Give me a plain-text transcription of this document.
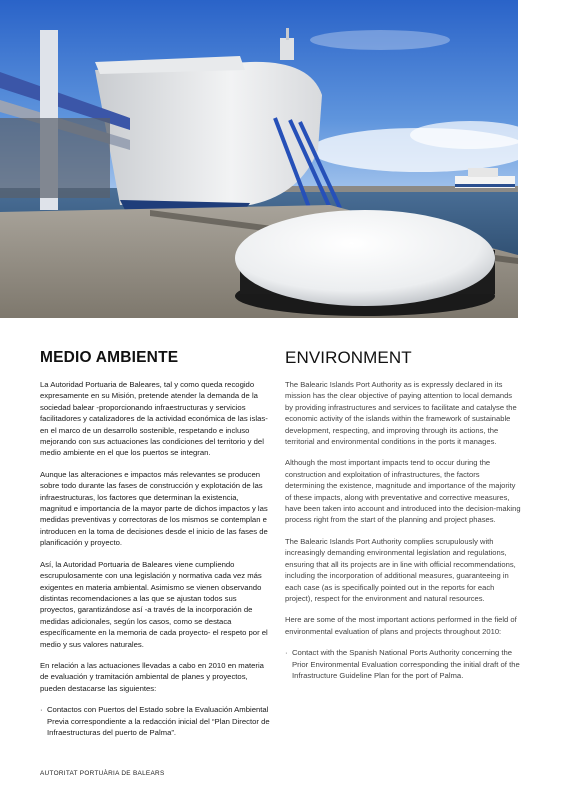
MEDIO AMBIENTE

La Autoridad Portuaria de Baleares, tal y como queda recogido expresamente en su Misión, pretende atender la demanda de la sociedad balear -proporcionando infraestructuras y servicios facilitadores y catalizadores de la actividad económica de las islas- en el marco de un desarrollo sostenible, respetando e incluso mejorando con sus actuaciones las condiciones del territorio y del medio ambiente en el que los puertos se integran.

Aunque las alteraciones e impactos más relevantes se producen sobre todo durante las fases de construcción y explotación de las infraestructuras, los factores que determinan la existencia, magnitud e importancia de la mayor parte de dichos impactos y las medidas preventivas y correctoras de los mismos se contemplan e introducen en la toma de decisiones desde el inicio de las fases de planificación y proyecto.

Así, la Autoridad Portuaria de Baleares viene cumpliendo escrupulosamente con una legislación y normativa cada vez más exigentes en materia ambiental. Asimismo se vienen observando distintas recomendaciones a las que se ajustan todos sus proyectos, garantizándose así -a través de la incorporación de medidas adicionales, según los casos, como se destaca específicamente en la memoria de cada proyecto- el respeto por el medio y sus valores naturales.

En relación a las actuaciones llevadas a cabo en 2010 en materia de evaluación y tramitación ambiental de planes y proyectos, pueden destacarse las siguientes:

· Contactos con Puertos del Estado sobre la Evaluación Ambiental Previa correspondiente a la redacción inicial del “Plan Director de Infraestructuras del puerto de Palma”.
ENVIRONMENT

The Balearic Islands Port Authority as is expressly declared in its mission has the clear objective of paying attention to local demands by providing infrastructures and services to facilitate and catalyse the economic activity of the islands within the framework of sustainable development, respecting, and improving through its actions, the territorial and environmental conditions in the ports it manages.

Although the most important impacts tend to occur during the construction and exploitation of infrastructures, the factors determining the existence, magnitude and importance of the majority of these impacts, along with preventative and corrective measures, have been taken into account and introduced into the decision-making process right from the start of the planning and project phases.

The Balearic Islands Port Authority complies scrupulously with increasingly demanding environmental legislation and regulations, ensuring that all its projects are in line with official recommendations, including the incorporation of additional measures, guaranteeing in each case (as is specifically pointed out in the reports for each project), respect for the environment and natural resources.

Here are some of the most important actions performed in the field of environmental evaluation of plans and projects throughout 2010:

· Contact with the Spanish National Ports Authority concerning the Prior Environmental Evaluation corresponding the initial draft of the Infrastructure Guideline Plan for the port of Palma.
AUTORITAT PORTUÀRIA DE BALEARS
